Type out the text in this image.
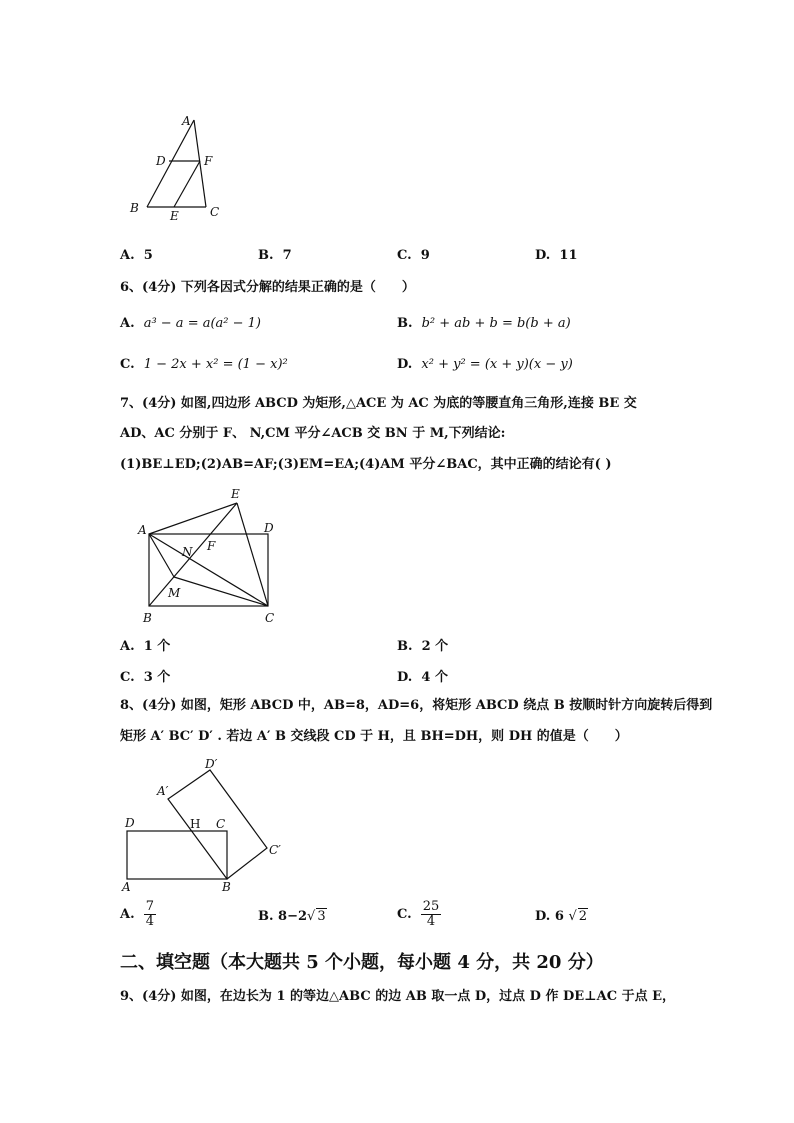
A
D	F
B
E	C
A. 5	B. 7	C. 9	D. 11
6、(4分) 下列各因式分解的结果正确的是（　　）
A. a³ − a = a(a² − 1)	B. b² + ab + b = b(b + a)
C. 1 − 2x + x² = (1 − x)²	D. x² + y² = (x + y)(x − y)
7、(4分) 如图,四边形 ABCD 为矩形,△ACE 为 AC 为底的等腰直角三角形,连接 BE 交
AD、AC 分别于 F、 N,CM 平分∠ACB 交 BN 于 M,下列结论:
(1)BE⊥ED;(2)AB=AF;(3)EM=EA;(4)AM 平分∠BAC，其中正确的结论有( )
A	D
E
F
N
M
B	C
A. 1 个	B. 2 个
C. 3 个	D. 4 个
8、(4分) 如图，矩形 ABCD 中，AB=8，AD=6，将矩形 ABCD 绕点 B 按顺时针方向旋转后得到
矩形 A′ BC′ D′ . 若边 A′ B 交线段 CD 于 H，且 BH=DH，则 DH 的值是（　　）
D′
A′
D	H C
C′
A	B
A. $\frac{7}{4}$	B. 8−2√ 3	C. $\frac{25}{4}$	D. 6 √ 2
二、填空题（本大题共 5 个小题，每小题 4 分，共 20 分）
9、(4分) 如图，在边长为 1 的等边△ABC 的边 AB 取一点 D，过点 D 作 DE⊥AC 于点 E，
